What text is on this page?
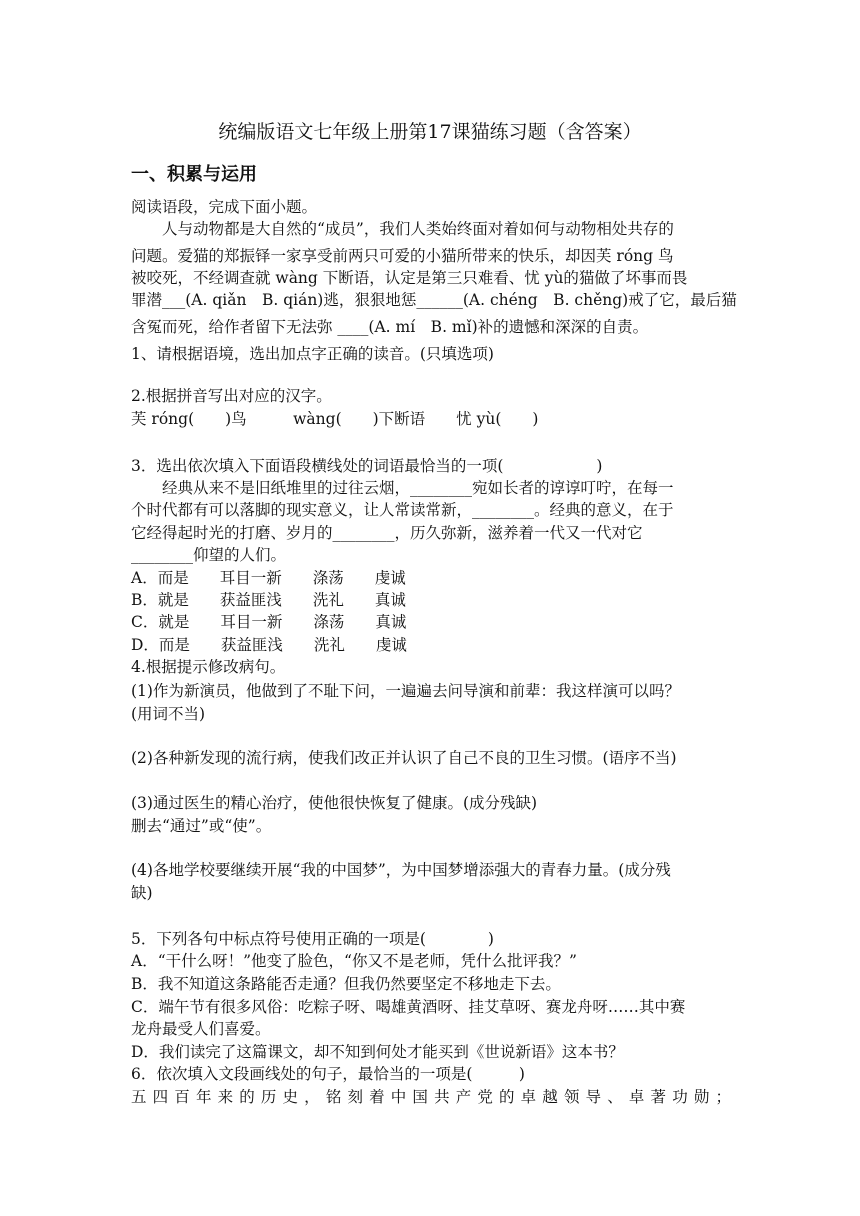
统编版语文七年级上册第17课猫练习题（含答案）
一、积累与运用
阅读语段，完成下面小题。
人与动物都是大自然的“成员”，我们人类始终面对着如何与动物相处共存的
问题。爱猫的郑振铎一家享受前两只可爱的小猫所带来的快乐，却因芙 róng 鸟
被咬死，不经调查就 wàng 下断语，认定是第三只难看、忧 yù的猫做了坏事而畏
罪潜___(A. qiǎn　B. qián)逃，狠狠地惩______(A. chéng　B. chěng)戒了它，最后猫
含冤而死，给作者留下无法弥 ____(A. mí　B. mǐ)补的遗憾和深深的自责。
1、请根据语境，选出加点字正确的读音。(只填选项)
2.根据拼音写出对应的汉字。
芙 róng(　　)鸟　　　wàng(　　)下断语　　忧 yù(　　)
3．选出依次填入下面语段横线处的词语最恰当的一项(　　　　　　)
经典从来不是旧纸堆里的过往云烟，________宛如长者的谆谆叮咛，在每一
个时代都有可以落脚的现实意义，让人常读常新，________。经典的意义，在于
它经得起时光的打磨、岁月的________，历久弥新，滋养着一代又一代对它
________仰望的人们。
A．而是　　耳目一新　　涤荡　　虔诚
B．就是　　获益匪浅　　洗礼　　真诚
C．就是　　耳目一新　　涤荡　　真诚
D．而是　　获益匪浅　　洗礼　　虔诚
4.根据提示修改病句。
(1)作为新演员，他做到了不耻下问，一遍遍去问导演和前辈：我这样演可以吗？
(用词不当)
(2)各种新发现的流行病，使我们改正并认识了自己不良的卫生习惯。(语序不当)
(3)通过医生的精心治疗，使他很快恢复了健康。(成分残缺)
删去“通过”或“使”。
(4)各地学校要继续开展“我的中国梦”，为中国梦增添强大的青春力量。(成分残
缺)
5．下列各句中标点符号使用正确的一项是(　　　　)
A．“干什么呀！”他变了脸色，“你又不是老师，凭什么批评我？”
B．我不知道这条路能否走通？但我仍然要坚定不移地走下去。
C．端午节有很多风俗：吃粽子呀、喝雄黄酒呀、挂艾草呀、赛龙舟呀……其中赛
龙舟最受人们喜爱。
D．我们读完了这篇课文，却不知到何处才能买到《世说新语》这本书？
6．依次填入文段画线处的句子，最恰当的一项是(　　　)
五四百年来的历史，铭刻着中国共产党的卓越领导、卓著功勋；
